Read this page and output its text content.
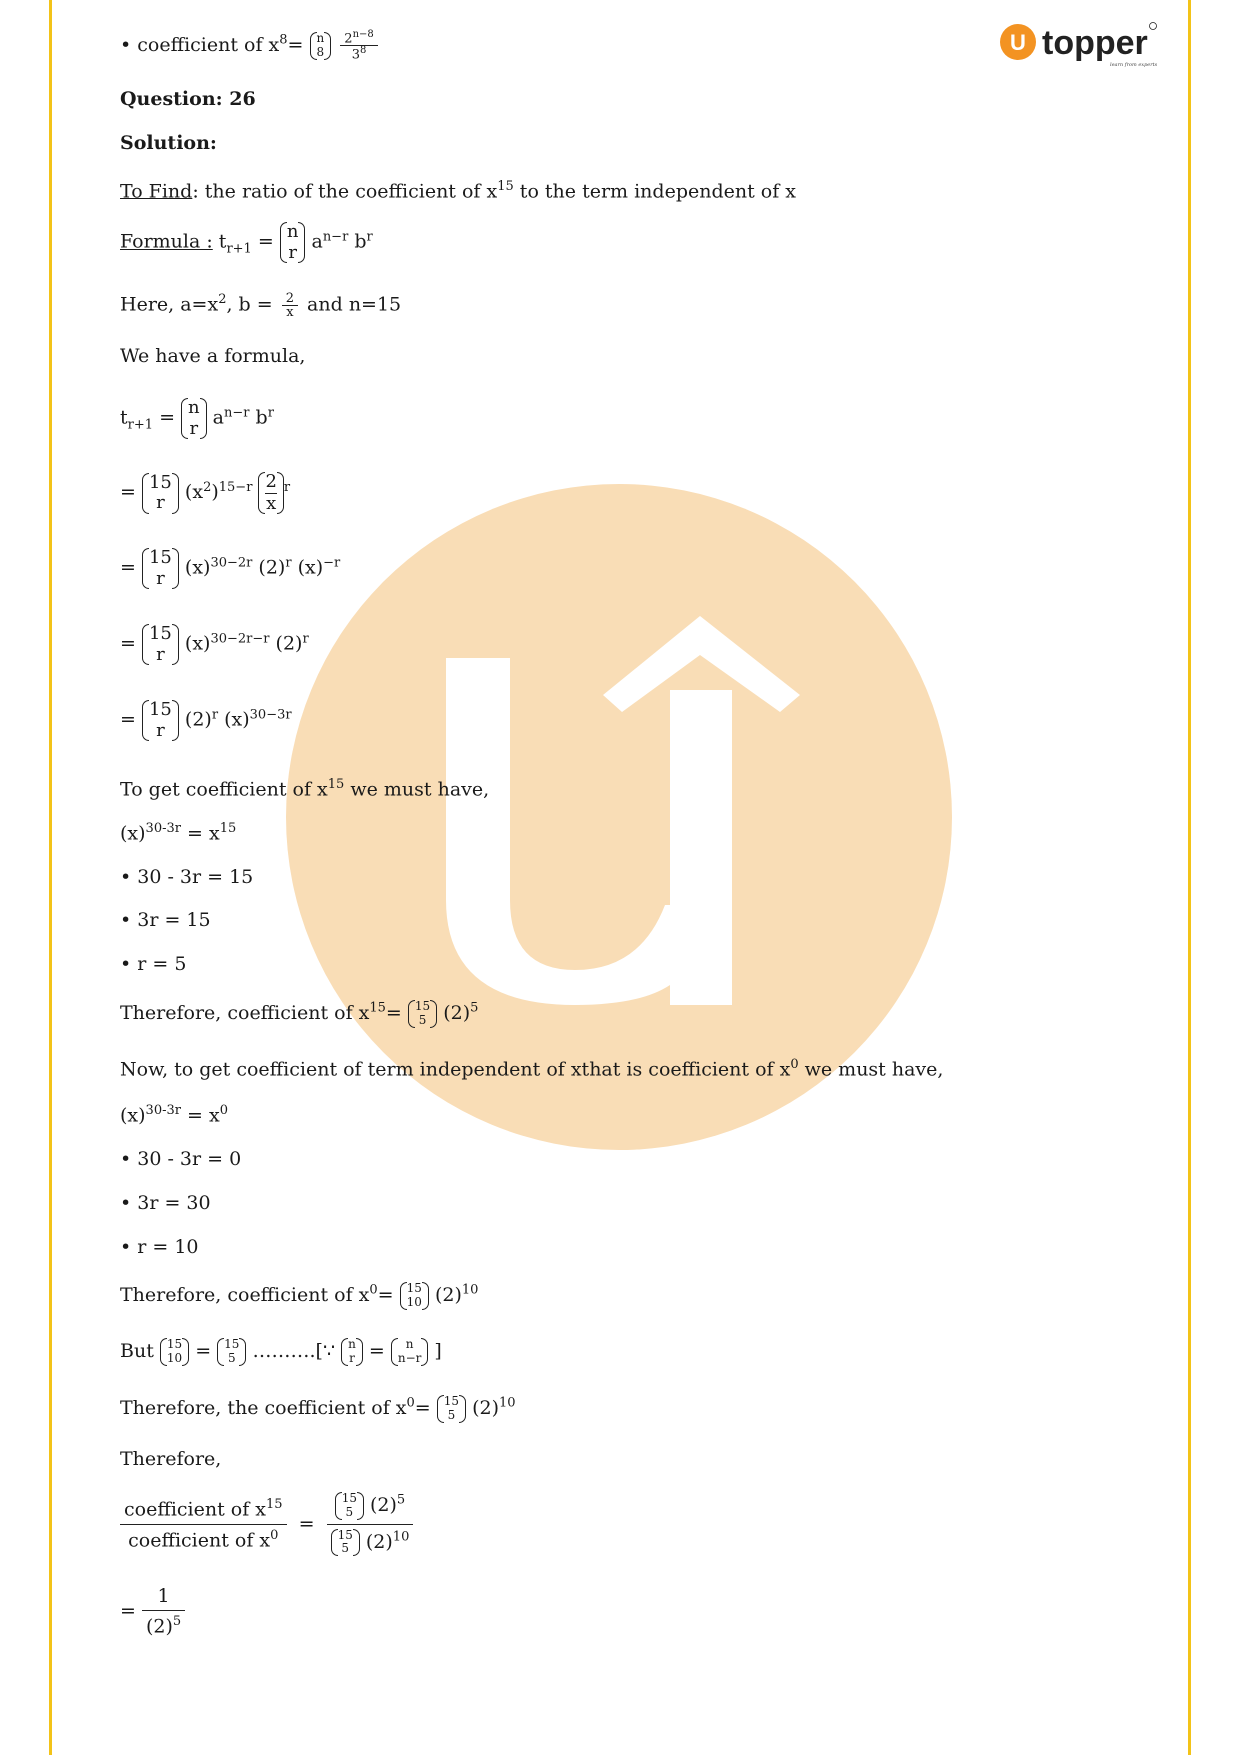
U topper
learn from experts
• coefficient of $x^8= n$
8
$\frac{2^{n-8}}{3^8}$
Question: 26
Solution:
To Find: the ratio of the coefficient of $x^{15}$ to the term independent of x
Formula : $t_{r+1} = n$
r $a^{n-r}$ $b^r$
Here, $a=x^2$, $b = \frac{2}{x}$ and n=15
We have a formula,
$t_{r+1} = n$
r $a^{n-r}$ $b^r$
= 15
r	$(x^2)^{15-r} \frac{2}{x} ^r$
= 15
r	$(x)^{30-2r}$ $(2)^r$ $(x)^{-r}$
= 15
r	$(x)^{30-2r-r}$ $(2)^r$
= 15
r	$(2)^r$ $(x)^{30-3r}$
To get coefficient of $x^{15}$ we must have,
$(x)^{30-3r} = x^{15}$
• 30 - 3r = 15
• 3r = 15
• r = 5
Therefore, coefficient of $x^{15}= 15$
5 $(2)^5$
Now, to get coefficient of term independent of xthat is coefficient of $x^0$ we must have,
$(x)^{30-3r} = x^0$
• 30 - 3r = 0
• 3r = 30
• r = 10
Therefore, coefficient of $x^0= 15$
10 $(2)^{10}$
But 15
10 = 15
5 ……….[∵ n
r =	n
n−r ]
Therefore, the coefficient of $x^0= 15$
5 $(2)^{10}$
Therefore,
$\frac{coefficient of x^{15}}{coefficient of x^0} = 15$
5 $(2)^5$
15
5 $(2)^{10}$
= $\frac{1}{(2)^5}$
